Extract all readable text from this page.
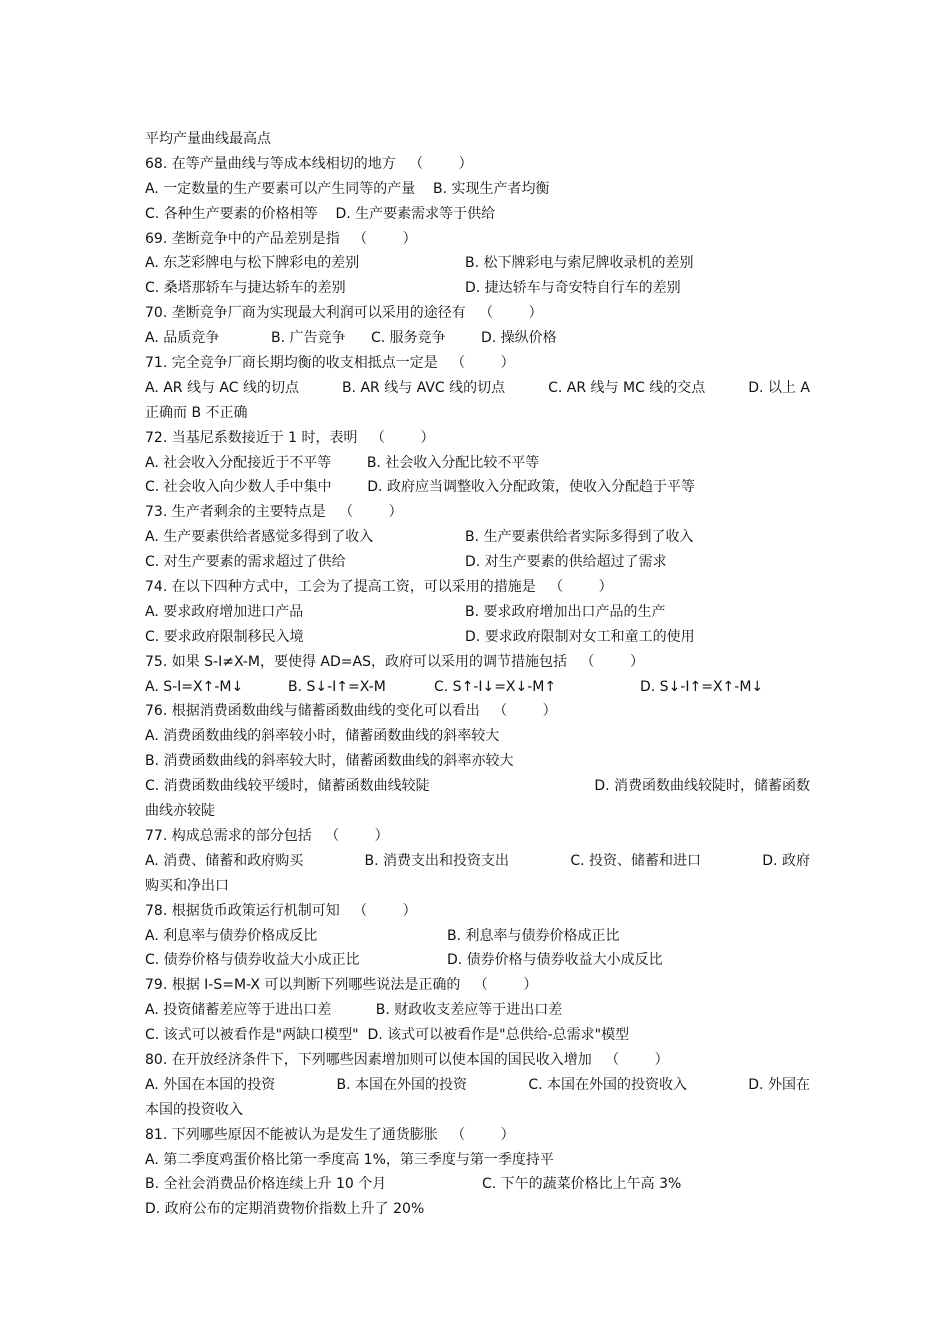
平均产量曲线最高点
68. 在等产量曲线与等成本线相切的地方   （        ）
A. 一定数量的生产要素可以产生同等的产量    B. 实现生产者均衡
C. 各种生产要素的价格相等    D. 生产要素需求等于供给
69. 垄断竞争中的产品差别是指   （        ）
A. 东芝彩牌电与松下牌彩电的差别	B. 松下牌彩电与索尼牌收录机的差别
C. 桑塔那轿车与捷达轿车的差别	D. 捷达轿车与奇安特自行车的差别
70. 垄断竞争厂商为实现最大利润可以采用的途径有   （        ）
A. 品质竞争	B. 广告竞争	C. 服务竞争	D. 操纵价格
71. 完全竞争厂商长期均衡的收支相抵点一定是   （        ）
A. AR 线与 AC 线的切点	B. AR 线与 AVC 线的切点	C. AR 线与 MC 线的交点	D. 以上 A
正确而 B 不正确
72. 当基尼系数接近于 1 时，表明   （        ）
A. 社会收入分配接近于不平等        B. 社会收入分配比较不平等
C. 社会收入向少数人手中集中        D. 政府应当调整收入分配政策，使收入分配趋于平等
73. 生产者剩余的主要特点是   （        ）
A. 生产要素供给者感觉多得到了收入	B. 生产要素供给者实际多得到了收入
C. 对生产要素的需求超过了供给	D. 对生产要素的供给超过了需求
74. 在以下四种方式中，工会为了提高工资，可以采用的措施是   （        ）
A. 要求政府增加进口产品	B. 要求政府增加出口产品的生产
C. 要求政府限制移民入境	D. 要求政府限制对女工和童工的使用
75. 如果 S-I≠X-M，要使得 AD=AS，政府可以采用的调节措施包括   （        ）
A. S-I=X↑-M↓	B. S↓-I↑=X-M	C. S↑-I↓=X↓-M↑	D. S↓-I↑=X↑-M↓
76. 根据消费函数曲线与储蓄函数曲线的变化可以看出   （        ）
A. 消费函数曲线的斜率较小时，储蓄函数曲线的斜率较大
B. 消费函数曲线的斜率较大时，储蓄函数曲线的斜率亦较大
C. 消费函数曲线较平缓时，储蓄函数曲线较陡	D. 消费函数曲线较陡时，储蓄函数
曲线亦较陡
77. 构成总需求的部分包括   （        ）
A. 消费、储蓄和政府购买	B. 消费支出和投资支出	C. 投资、储蓄和进口	D. 政府
购买和净出口
78. 根据货币政策运行机制可知   （        ）
A. 利息率与债券价格成反比	B. 利息率与债券价格成正比
C. 债券价格与债券收益大小成正比	D. 债券价格与债券收益大小成反比
79. 根据 I-S=M-X 可以判断下列哪些说法是正确的   （        ）
A. 投资储蓄差应等于进出口差          B. 财政收支差应等于进出口差
C. 该式可以被看作是"两缺口模型"  D. 该式可以被看作是"总供给-总需求"模型
80. 在开放经济条件下，下列哪些因素增加则可以使本国的国民收入增加   （        ）
A. 外国在本国的投资	B. 本国在外国的投资	C. 本国在外国的投资收入	D. 外国在
本国的投资收入
81. 下列哪些原因不能被认为是发生了通货膨胀   （        ）
A. 第二季度鸡蛋价格比第一季度高 1%，第三季度与第一季度持平
B. 全社会消费品价格连续上升 10 个月	C. 下午的蔬菜价格比上午高 3%
D. 政府公布的定期消费物价指数上升了 20%
